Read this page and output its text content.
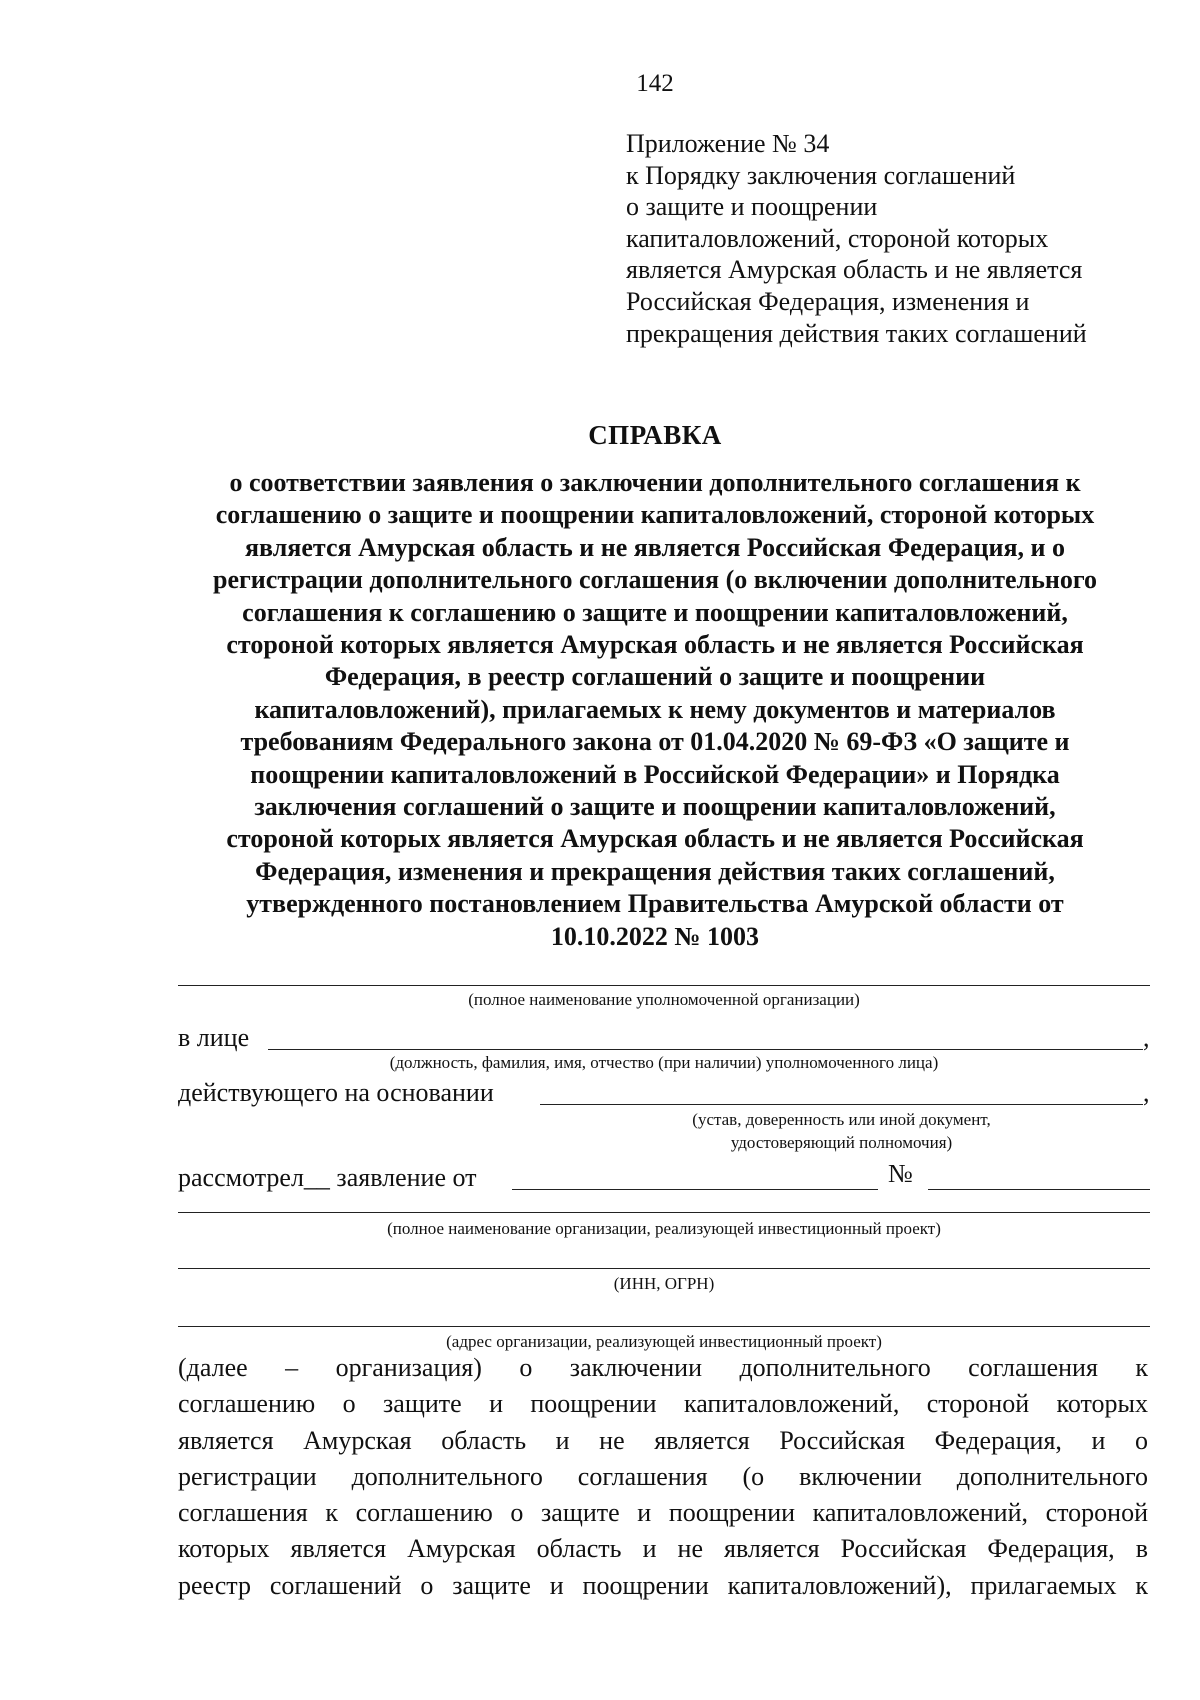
142
Приложение № 34
к Порядку заключения соглашений
о защите и поощрении
капиталовложений, стороной которых
является Амурская область и не является
Российская Федерация, изменения и
прекращения действия таких соглашений
СПРАВКА
о соответствии заявления о заключении дополнительного соглашения к
соглашению о защите и поощрении капиталовложений, стороной которых
является Амурская область и не является Российская Федерация, и о
регистрации дополнительного соглашения (о включении дополнительного
соглашения к соглашению о защите и поощрении капиталовложений,
стороной которых является Амурская область и не является Российская
Федерация, в реестр соглашений о защите и поощрении
капиталовложений), прилагаемых к нему документов и материалов
требованиям Федерального закона от 01.04.2020 № 69-ФЗ «О защите и
поощрении капиталовложений в Российской Федерации» и Порядка
заключения соглашений о защите и поощрении капиталовложений,
стороной которых является Амурская область и не является Российская
Федерация, изменения и прекращения действия таких соглашений,
утвержденного постановлением Правительства Амурской области от
10.10.2022 № 1003
(полное наименование уполномоченной организации)
в лице	,
(должность, фамилия, имя, отчество (при наличии) уполномоченного лица)
действующего на основании	,
(устав, доверенность или иной документ,
удостоверяющий полномочия)
рассмотрел__ заявление от	№
(полное наименование организации, реализующей инвестиционный проект)
(ИНН, ОГРН)
(адрес организации, реализующей инвестиционный проект)
(далее – организация) о заключении дополнительного соглашения к
соглашению о защите и поощрении капиталовложений, стороной которых
является Амурская область и не является Российская Федерация, и о
регистрации дополнительного соглашения (о включении дополнительного
соглашения к соглашению о защите и поощрении капиталовложений, стороной
которых является Амурская область и не является Российская Федерация, в
реестр соглашений о защите и поощрении капиталовложений), прилагаемых к
